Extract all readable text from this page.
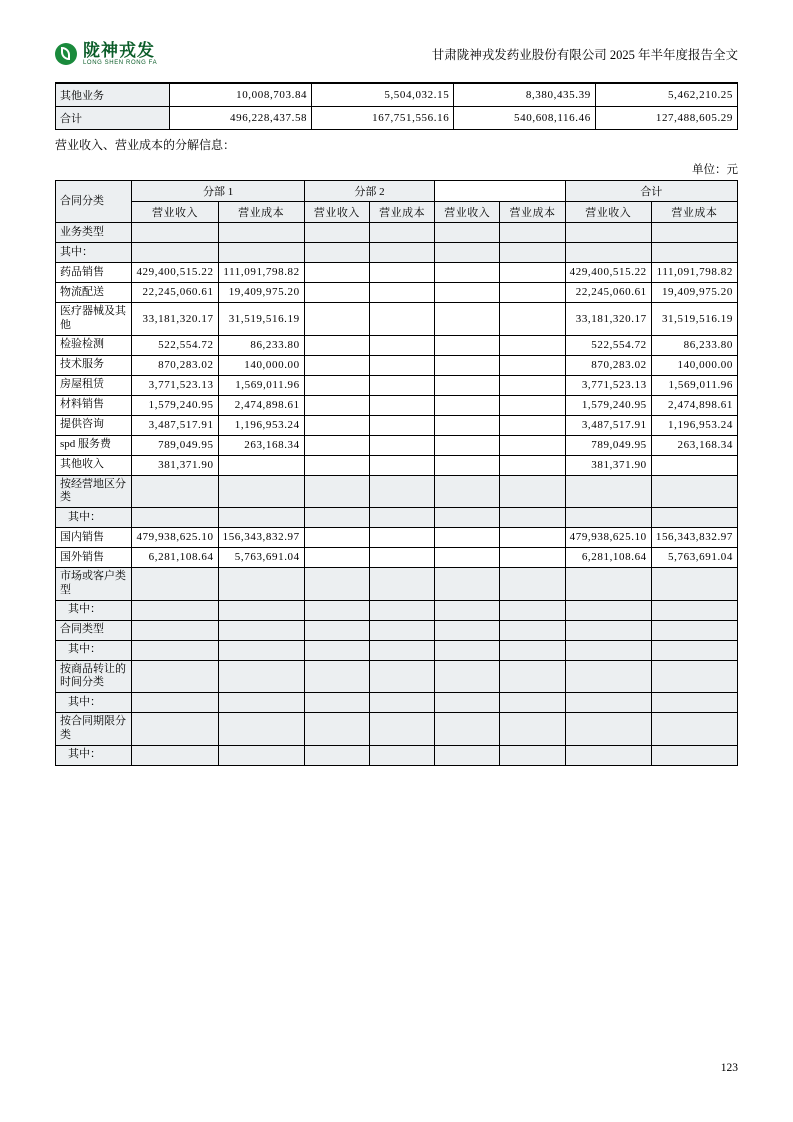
陇神戎发
LONG SHEN RONG FA
甘肃陇神戎发药业股份有限公司 2025 年半年度报告全文
其他业务	10,008,703.84	5,504,032.15	8,380,435.39	5,462,210.25
合计	496,228,437.58	167,751,556.16	540,608,116.46	127,488,605.29

营业收入、营业成本的分解信息：

单位：元
合同分类	分部 1		分部 2				合计	
	营业收入	营业成本	营业收入	营业成本	营业收入	营业成本	营业收入	营业成本
业务类型								
其中：								
药品销售	429,400,515.22	111,091,798.82					429,400,515.22	111,091,798.82
物流配送	22,245,060.61	19,409,975.20					22,245,060.61	19,409,975.20
医疗器械及其他	33,181,320.17	31,519,516.19					33,181,320.17	31,519,516.19
检验检测	522,554.72	86,233.80					522,554.72	86,233.80
技术服务	870,283.02	140,000.00					870,283.02	140,000.00
房屋租赁	3,771,523.13	1,569,011.96					3,771,523.13	1,569,011.96
材料销售	1,579,240.95	2,474,898.61					1,579,240.95	2,474,898.61
提供咨询	3,487,517.91	1,196,953.24					3,487,517.91	1,196,953.24
spd 服务费	789,049.95	263,168.34					789,049.95	263,168.34
其他收入	381,371.90						381,371.90	
按经营地区分类								
其中：								
国内销售	479,938,625.10	156,343,832.97					479,938,625.10	156,343,832.97
国外销售	6,281,108.64	5,763,691.04					6,281,108.64	5,763,691.04
市场或客户类型								
其中：								
合同类型								
其中：								
按商品转让的时间分类								
其中：								
按合同期限分类								
其中：								
123
